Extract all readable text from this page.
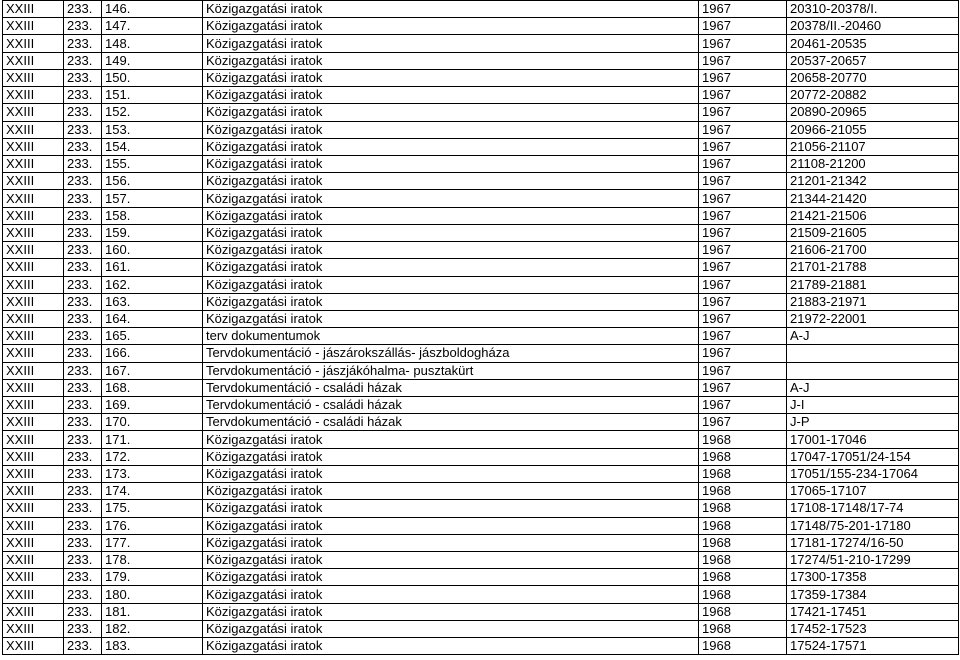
XXIII	233.	146.	Közigazgatási iratok	1967	20310-20378/I.
XXIII	233.	147.	Közigazgatási iratok	1967	20378/II.-20460
XXIII	233.	148.	Közigazgatási iratok	1967	20461-20535
XXIII	233.	149.	Közigazgatási iratok	1967	20537-20657
XXIII	233.	150.	Közigazgatási iratok	1967	20658-20770
XXIII	233.	151.	Közigazgatási iratok	1967	20772-20882
XXIII	233.	152.	Közigazgatási iratok	1967	20890-20965
XXIII	233.	153.	Közigazgatási iratok	1967	20966-21055
XXIII	233.	154.	Közigazgatási iratok	1967	21056-21107
XXIII	233.	155.	Közigazgatási iratok	1967	21108-21200
XXIII	233.	156.	Közigazgatási iratok	1967	21201-21342
XXIII	233.	157.	Közigazgatási iratok	1967	21344-21420
XXIII	233.	158.	Közigazgatási iratok	1967	21421-21506
XXIII	233.	159.	Közigazgatási iratok	1967	21509-21605
XXIII	233.	160.	Közigazgatási iratok	1967	21606-21700
XXIII	233.	161.	Közigazgatási iratok	1967	21701-21788
XXIII	233.	162.	Közigazgatási iratok	1967	21789-21881
XXIII	233.	163.	Közigazgatási iratok	1967	21883-21971
XXIII	233.	164.	Közigazgatási iratok	1967	21972-22001
XXIII	233.	165.	terv dokumentumok	1967	A-J
XXIII	233.	166.	Tervdokumentáció - jászárokszállás- jászboldogháza	1967	
XXIII	233.	167.	Tervdokumentáció - jászjákóhalma- pusztakürt	1967	
XXIII	233.	168.	Tervdokumentáció - családi házak	1967	A-J
XXIII	233.	169.	Tervdokumentáció - családi házak	1967	J-I
XXIII	233.	170.	Tervdokumentáció - családi házak	1967	J-P
XXIII	233.	171.	Közigazgatási iratok	1968	17001-17046
XXIII	233.	172.	Közigazgatási iratok	1968	17047-17051/24-154
XXIII	233.	173.	Közigazgatási iratok	1968	17051/155-234-17064
XXIII	233.	174.	Közigazgatási iratok	1968	17065-17107
XXIII	233.	175.	Közigazgatási iratok	1968	17108-17148/17-74
XXIII	233.	176.	Közigazgatási iratok	1968	17148/75-201-17180
XXIII	233.	177.	Közigazgatási iratok	1968	17181-17274/16-50
XXIII	233.	178.	Közigazgatási iratok	1968	17274/51-210-17299
XXIII	233.	179.	Közigazgatási iratok	1968	17300-17358
XXIII	233.	180.	Közigazgatási iratok	1968	17359-17384
XXIII	233.	181.	Közigazgatási iratok	1968	17421-17451
XXIII	233.	182.	Közigazgatási iratok	1968	17452-17523
XXIII	233.	183.	Közigazgatási iratok	1968	17524-17571
